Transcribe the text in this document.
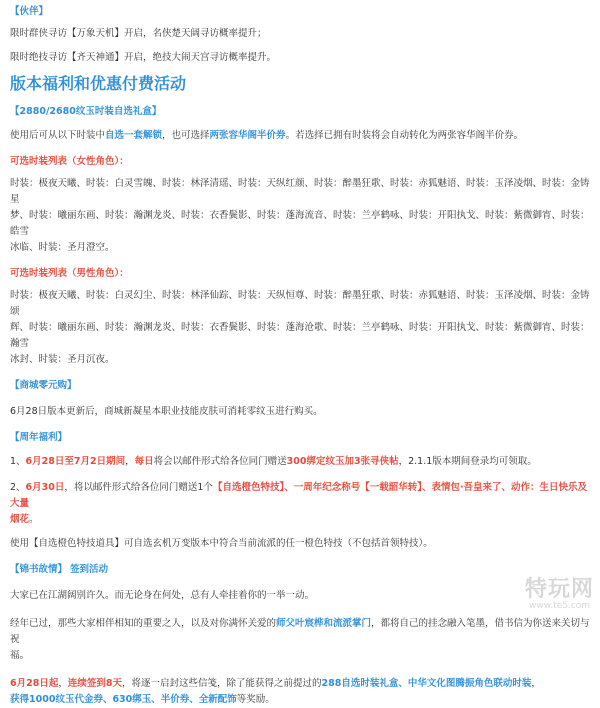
【伙伴】

限时群侠寻访【万象天机】开启，名侠楚天阔寻访概率提升；

限时绝技寻访【齐天神通】开启，绝技大闹天宫寻访概率提升。

版本福利和优惠付费活动

【2880/2680纹玉时装自选礼盒】

使用后可从以下时装中自选一套解锁，也可选择两张容华阁半价券。若选择已拥有时装将会自动转化为两张容华阁半价券。

可选时装列表（女性角色）：

时装：极夜天曦、时装：白灵雪魄、时装：林泽清瑶、时装：天纵红颜、时装：醉墨狂歌、时装：赤狐魅语、时装：玉泽凌烟、时装：金铸星

梦、时装：曦丽东画、时装：瀚渊龙炎、时装：衣香鬓影、时装：蓬海流音、时装：兰亭鹤咏、时装：开阳执戈、时装：紫微御宵、时装：皓雪

冰临、时装：圣月澄空。

可选时装列表（男性角色）：

时装：极夜天曦、时装：白灵幻尘、时装：林泽仙踪、时装：天纵恒尊、时装：醉墨狂歌、时装：赤狐魅语、时装：玉泽凌烟、时装：金铸颂

辉、时装：曦丽东画、时装：瀚渊龙炎、时装：衣香鬓影、时装：蓬海沧歌、时装：兰亭鹤咏、时装：开阳执戈、时装：紫微御宵、时装：瀚雪

冰封、时装：圣月沉夜。

【商城零元购】

6月28日版本更新后，商城新凝星本职业技能皮肤可消耗零纹玉进行购买。

【周年福利】

1、6月28日至7月2日期间，每日将会以邮件形式给各位同门赠送300绑定纹玉加3张寻侠帖，2.1.1版本期间登录均可领取。

2、6月30日，将以邮件形式给各位同门赠送1个【自选橙色特技】、一周年纪念称号【一载韶华转】、表情包·吾皇来了、动作：生日快乐及大量
烟花。

使用【自选橙色特技道具】可自选玄机万变版本中符合当前流派的任一橙色特技（不包括首领特技）。

【锦书故情】 签到活动

大家已在江湖阔别许久。而无论身在何处，总有人牵挂着你的一举一动。

经年已过，那些大家相伴相知的重要之人，以及对你满怀关爱的师父叶宸桦和流派掌门，都将自己的挂念融入笔墨，借书信为你送来关切与祝
福。

6月28日起，连续签到8天，将逐一启封这些信笺，除了能获得之前提过的288自选时装礼盒、中华文化图腾振角色联动时装，
获得1000纹玉代金券、630绑玉、半价券、全新配饰等奖励。

特玩网
www.te5.com
